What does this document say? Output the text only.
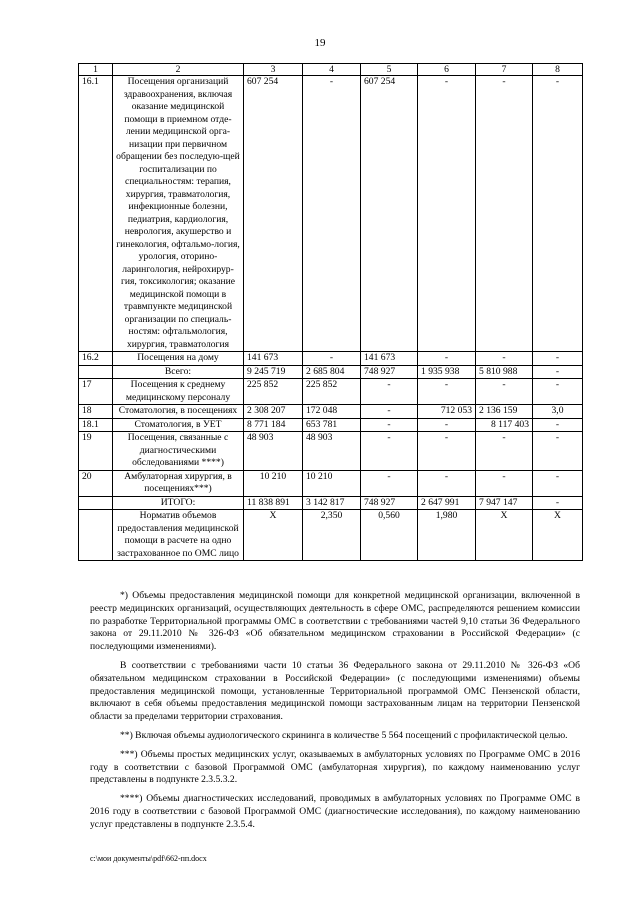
19
1	2	3	4	5	6	7	8
16.1	Посещения организаций здравоохранения, включая оказание медицинской помощи в приемном отде-лении медицинской орга-низации при первичном обращении без последую-щей госпитализации по специальностям: терапия, хирургия, травматология, инфекционные болезни, педиатрия, кардиология, неврология, акушерство и гинекология, офтальмо-логия, урология, оторино-ларингология, нейрохирур-гия, токсикология; оказание медицинской помощи в травмпункте медицинской организации по специаль-ностям: офтальмология, хирургия, травматология	607 254	-	607 254	-	-	-
16.2	Посещения на дому	141 673	-	141 673	-	-	-
	Всего:	9 245 719	2 685 804	748 927	1 935 938	5 810 988	-
17	Посещения к среднему медицинскому персоналу	225 852	225 852	-	-	-	-
18	Стоматология, в посещениях	2 308 207	172 048	-	712 053	2 136 159	3,0
18.1	Стоматология, в УЕТ	8 771 184	653 781	-	-	8 117 403	-
19	Посещения, связанные с диагностическими обследованиями ****)	48 903	48 903	-	-	-	-
20	Амбулаторная хирургия, в посещениях***)	10 210	10 210	-	-	-	-
	ИТОГО:	11 838 891	3 142 817	748 927	2 647 991	7 947 147	-
	Норматив объемов предоставления медицинской помощи в расчете на одно застрахованное по ОМС лицо	X	2,350	0,560	1,980	X	X

*) Объемы предоставления медицинской помощи для конкретной медицинской организации, включенной в реестр медицинских организаций, осуществляющих деятельность в сфере ОМС, распределяются решением комиссии по разработке Территориальной программы ОМС в соответствии с требованиями частей 9,10 статьи 36 Федерального закона от 29.11.2010 № 326-ФЗ «Об обязательном медицинском страховании в Российской Федерации» (с последующими изменениями).

В соответствии с требованиями части 10 статьи 36 Федерального закона от 29.11.2010 № 326-ФЗ «Об обязательном медицинском страховании в Российской Федерации» (с последующими изменениями) объемы предоставления медицинской помощи, установленные Территориальной программой ОМС Пензенской области, включают в себя объемы предоставления медицинской помощи застрахованным лицам на территории Пензенской области за пределами территории страхования.

**) Включая объемы аудиологического скрининга в количестве 5 564 посещений с профилактической целью.

***) Объемы простых медицинских услуг, оказываемых в амбулаторных условиях по Программе ОМС в 2016 году в соответствии с базовой Программой ОМС (амбулаторная хирургия), по каждому наименованию услуг представлены в подпункте 2.3.5.3.2.

****) Объемы диагностических исследований, проводимых в амбулаторных условиях по Программе ОМС в 2016 году в соответствии с базовой Программой ОМС (диагностические исследования), по каждому наименованию услуг представлены в подпункте 2.3.5.4.

c:\мои документы\pdf\662-пп.docx
